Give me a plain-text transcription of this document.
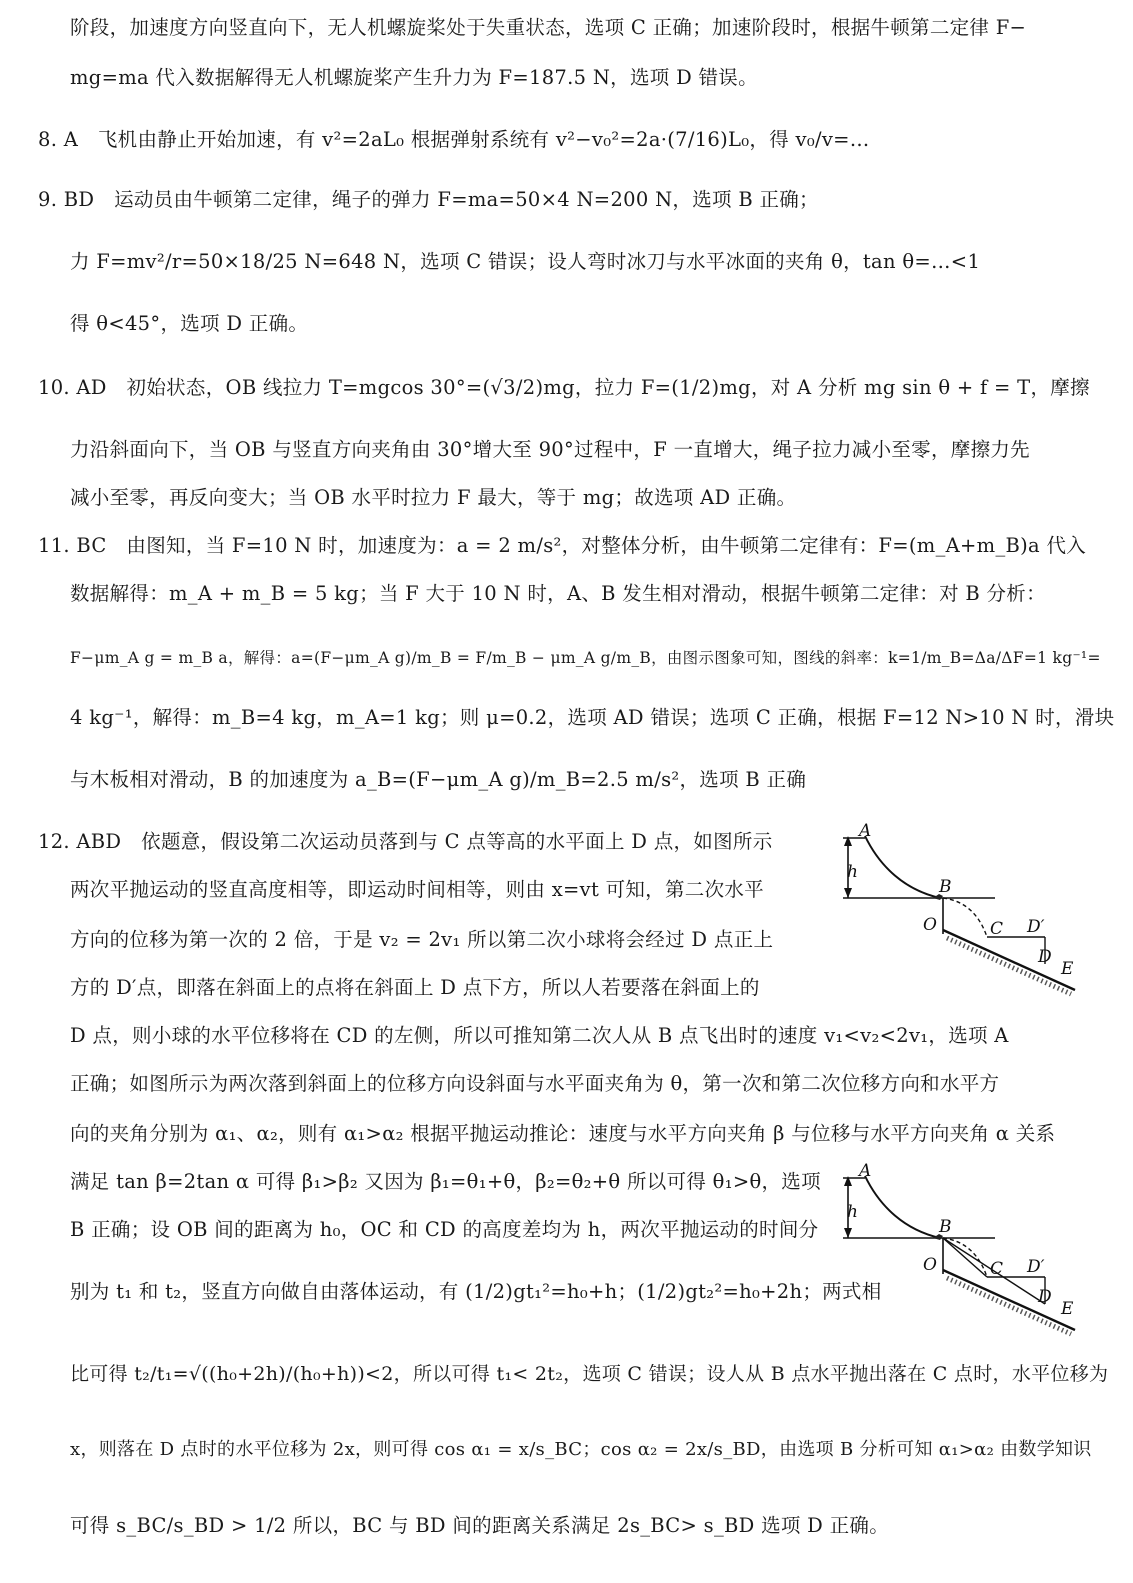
阶段，加速度方向竖直向下，无人机螺旋桨处于失重状态，选项 C 正确；加速阶段时，根据牛顿第二定律 F−
mg=ma 代入数据解得无人机螺旋桨产生升力为 F=187.5 N，选项 D 错误。
8. A　飞机由静止开始加速，有 v²=2aL₀ 根据弹射系统有 v²−v₀²=2a·(7/16)L₀，得 v₀/v=…
9. BD　运动员由牛顿第二定律，绳子的弹力 F=ma=50×4 N=200 N，选项 B 正确；
力 F=mv²/r=50×18/25 N=648 N，选项 C 错误；设人弯时冰刀与水平冰面的夹角 θ，tan θ=…<1
得 θ<45°，选项 D 正确。
10. AD　初始状态，OB 线拉力 T=mgcos 30°=(√3/2)mg，拉力 F=(1/2)mg，对 A 分析 mg sin θ + f = T，摩擦
力沿斜面向下，当 OB 与竖直方向夹角由 30°增大至 90°过程中，F 一直增大，绳子拉力减小至零，摩擦力先
减小至零，再反向变大；当 OB 水平时拉力 F 最大，等于 mg；故选项 AD 正确。
11. BC　由图知，当 F=10 N 时，加速度为：a = 2 m/s²，对整体分析，由牛顿第二定律有：F=(m_A+m_B)a 代入
数据解得：m_A + m_B = 5 kg；当 F 大于 10 N 时，A、B 发生相对滑动，根据牛顿第二定律：对 B 分析：
F−μm_A g = m_B a，解得：a=(F−μm_A g)/m_B = F/m_B − μm_A g/m_B，由图示图象可知，图线的斜率：k=1/m_B=Δa/ΔF=1 kg⁻¹=
4 kg⁻¹，解得：m_B=4 kg，m_A=1 kg；则 μ=0.2，选项 AD 错误；选项 C 正确，根据 F=12 N>10 N 时，滑块
与木板相对滑动，B 的加速度为 a_B=(F−μm_A g)/m_B=2.5 m/s²，选项 B 正确
12. ABD　依题意，假设第二次运动员落到与 C 点等高的水平面上 D 点，如图所示
两次平抛运动的竖直高度相等，即运动时间相等，则由 x=vt 可知，第二次水平
方向的位移为第一次的 2 倍，于是 v₂ = 2v₁ 所以第二次小球将会经过 D 点正上
方的 D′点，即落在斜面上的点将在斜面上 D 点下方，所以人若要落在斜面上的
D 点，则小球的水平位移将在 CD 的左侧，所以可推知第二次人从 B 点飞出时的速度 v₁<v₂<2v₁，选项 A
正确；如图所示为两次落到斜面上的位移方向设斜面与水平面夹角为 θ，第一次和第二次位移方向和水平方
向的夹角分别为 α₁、α₂，则有 α₁>α₂ 根据平抛运动推论：速度与水平方向夹角 β 与位移与水平方向夹角 α 关系
满足 tan β=2tan α 可得 β₁>β₂ 又因为 β₁=θ₁+θ，β₂=θ₂+θ 所以可得 θ₁>θ，选项
B 正确；设 OB 间的距离为 h₀，OC 和 CD 的高度差均为 h，两次平抛运动的时间分
别为 t₁ 和 t₂，竖直方向做自由落体运动，有 (1/2)gt₁²=h₀+h；(1/2)gt₂²=h₀+2h；两式相
比可得 t₂/t₁=√((h₀+2h)/(h₀+h))<2，所以可得 t₁< 2t₂，选项 C 错误；设人从 B 点水平抛出落在 C 点时，水平位移为
x，则落在 D 点时的水平位移为 2x，则可得 cos α₁ = x/s_BC；cos α₂ = 2x/s_BD，由选项 B 分析可知 α₁>α₂ 由数学知识
可得 s_BC/s_BD > 1/2 所以，BC 与 BD 间的距离关系满足 2s_BC> s_BD 选项 D 正确。
A
B
O	C D′
D
E
h
A
B
O	C D′
D
E
h
